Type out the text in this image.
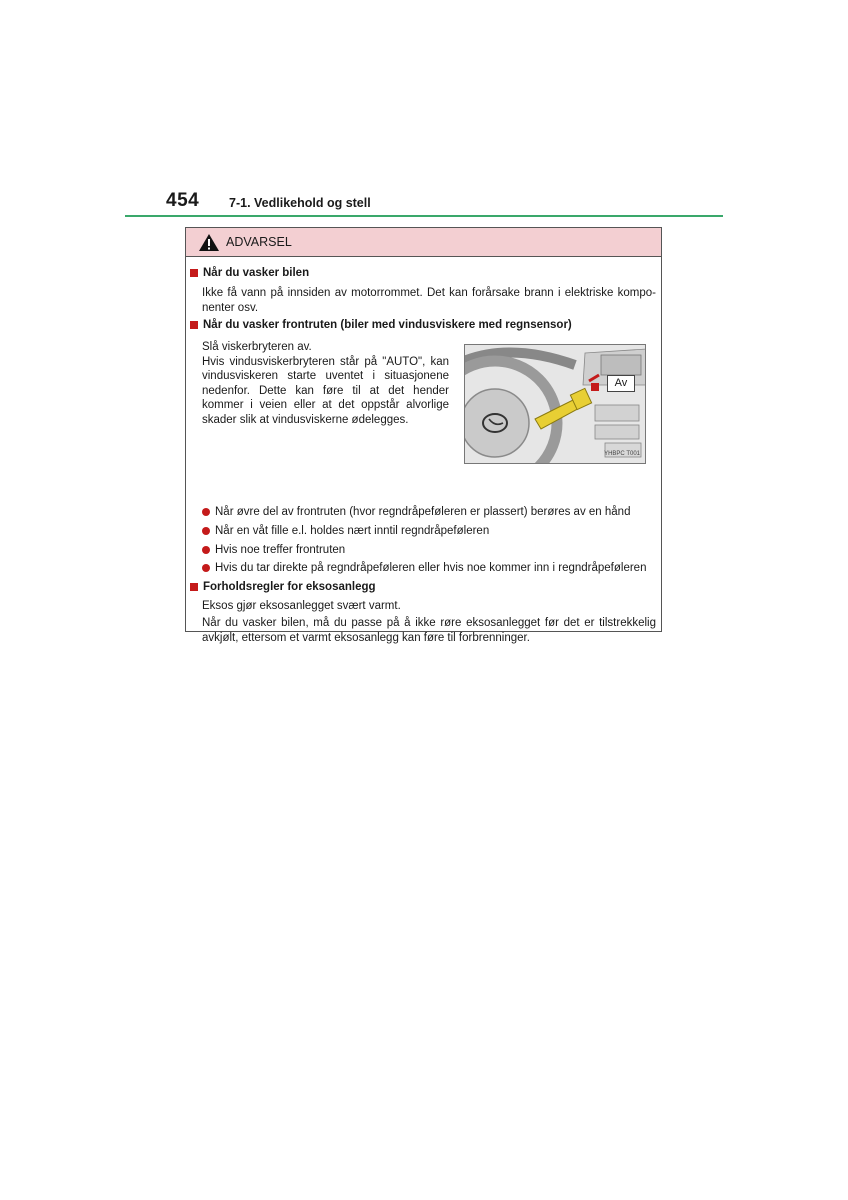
454 7-1. Vedlikehold og stell
ADVARSEL
Når du vasker bilen
Ikke få vann på innsiden av motorrommet. Det kan forårsake brann i elektriske kompo-nenter osv.
Når du vasker frontruten (biler med vindusviskere med regnsensor)
Slå viskerbryteren av.
Hvis vindusviskerbryteren står på "AUTO", kan vindusviskeren starte uventet i situasjonene nedenfor. Dette kan føre til at det hender kommer i veien eller at det oppstår alvorlige skader slik at vindusviskerne ødelegges.
Av
YHBPC T001
Når øvre del av frontruten (hvor regndråpeføleren er plassert) berøres av en hånd
Når en våt fille e.l. holdes nært inntil regndråpeføleren
Hvis noe treffer frontruten
Hvis du tar direkte på regndråpeføleren eller hvis noe kommer inn i regndråpeføleren
Forholdsregler for eksosanlegg
Eksos gjør eksosanlegget svært varmt.
Når du vasker bilen, må du passe på å ikke røre eksosanlegget før det er tilstrekkelig avkjølt, ettersom et varmt eksosanlegg kan føre til forbrenninger.
